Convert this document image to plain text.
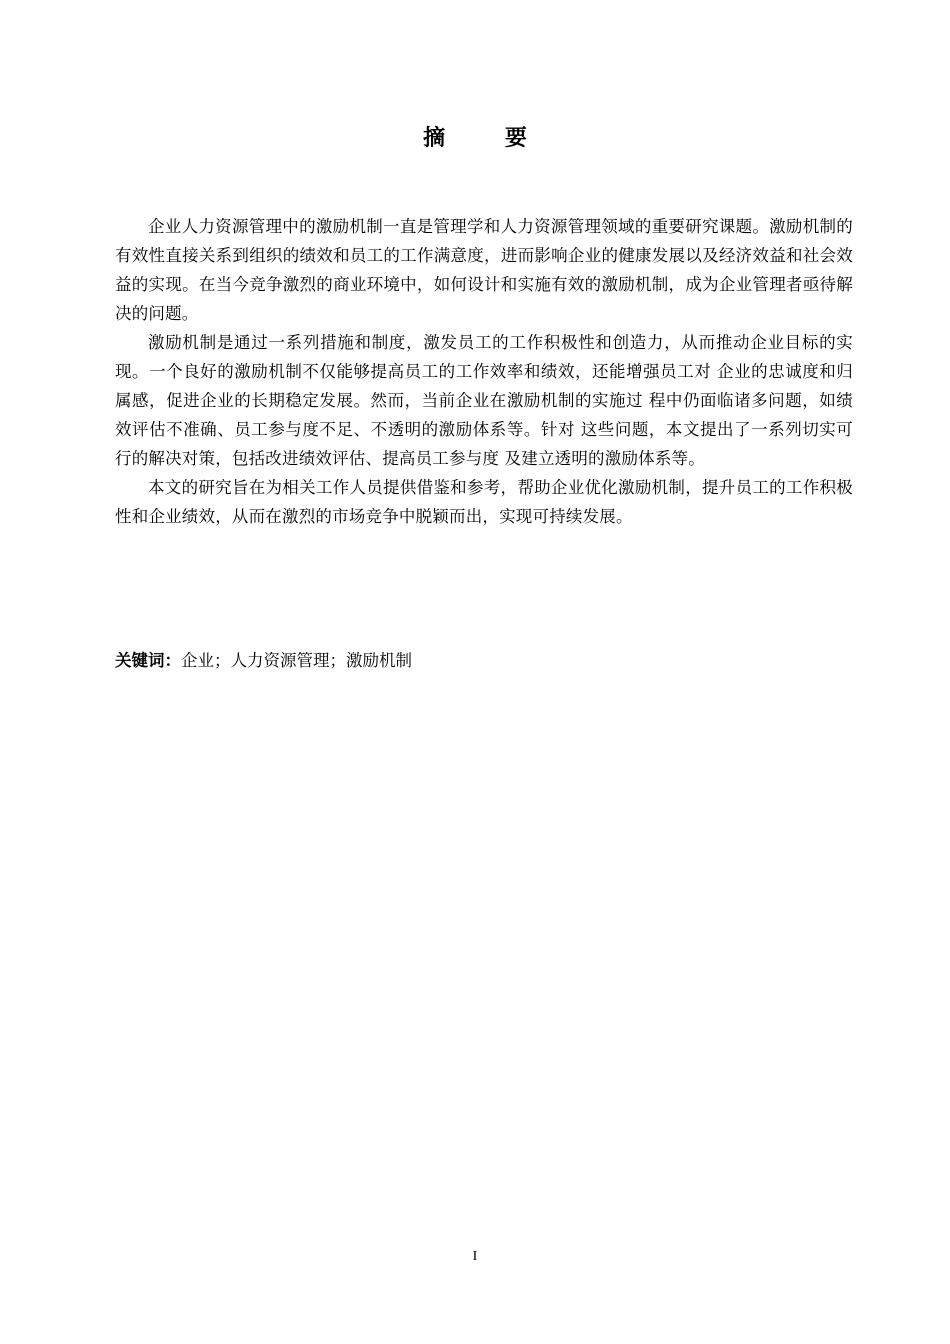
摘 要

企业人力资源管理中的激励机制一直是管理学和人力资源管理领域的重要研究课题。激励机制的有效性直接关系到组织的绩效和员工的工作满意度，进而影响企业的健康发展以及经济效益和社会效益的实现。在当今竞争激烈的商业环境中，如何设计和实施有效的激励机制，成为企业管理者亟待解决的问题。

激励机制是通过一系列措施和制度，激发员工的工作积极性和创造力，从而推动企业目标的实现。一个良好的激励机制不仅能够提高员工的工作效率和绩效，还能增强员工对 企业的忠诚度和归属感，促进企业的长期稳定发展。然而，当前企业在激励机制的实施过 程中仍面临诸多问题，如绩效评估不准确、员工参与度不足、不透明的激励体系等。针对 这些问题，本文提出了一系列切实可行的解决对策，包括改进绩效评估、提高员工参与度 及建立透明的激励体系等。

本文的研究旨在为相关工作人员提供借鉴和参考，帮助企业优化激励机制，提升员工的工作积极性和企业绩效，从而在激烈的市场竞争中脱颖而出，实现可持续发展。

关键词：企业；人力资源管理；激励机制

I
